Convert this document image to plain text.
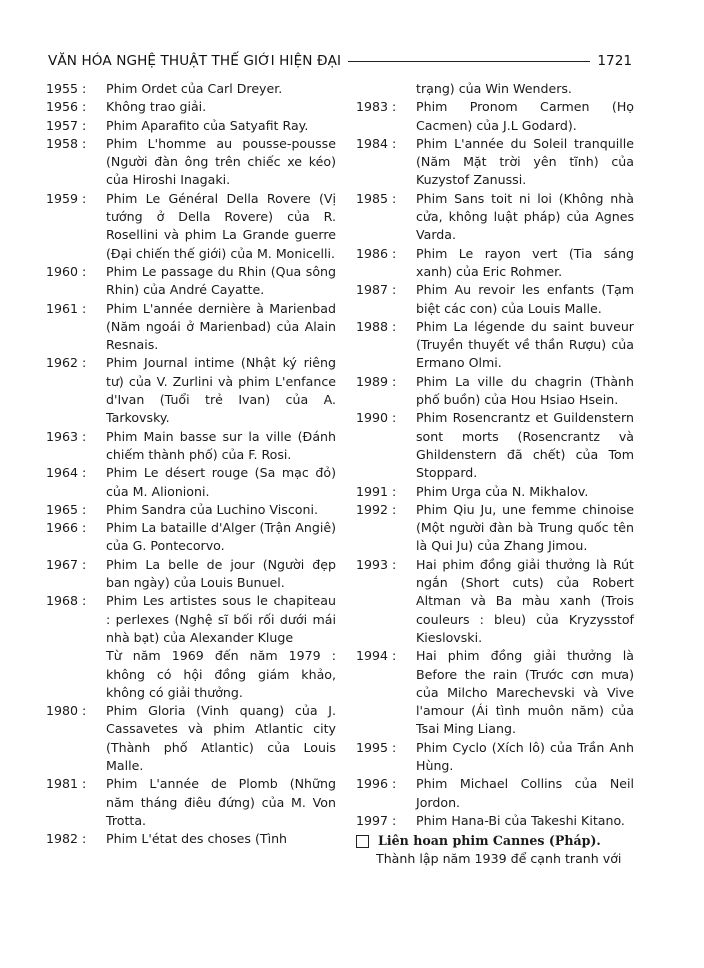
VĂN HÓA NGHỆ THUẬT THẾ GIỚI HIỆN ĐẠI	1721
1955 :	Phim Ordet của Carl Dreyer.
1956 :	Không trao giải.
1957 :	Phim Aparafito của Satyafit Ray.
1958 :	Phim L'homme au pousse-pousse (Người đàn ông trên chiếc xe kéo) của Hiroshi Inagaki.
1959 :	Phim Le Général Della Rovere (Vị tướng ở Della Rovere) của R. Rosellini và phim La Grande guerre (Đại chiến thế giới) của M. Monicelli.
1960 :	Phim Le passage du Rhin (Qua sông Rhin) của André Cayatte.
1961 :	Phim L'année dernière à Marienbad (Năm ngoái ở Marienbad) của Alain Resnais.
1962 :	Phim Journal intime (Nhật ký riêng tư) của V. Zurlini và phim L'enfance d'Ivan (Tuổi trẻ Ivan) của A. Tarkovsky.
1963 :	Phim Main basse sur la ville (Đánh chiếm thành phố) của F. Rosi.
1964 :	Phim Le désert rouge (Sa mạc đỏ) của M. Alionioni.
1965 :	Phim Sandra của Luchino Visconi.
1966 :	Phim La bataille d'Alger (Trận Angiê) của G. Pontecorvo.
1967 :	Phim La belle de jour (Người đẹp ban ngày) của Louis Bunuel.
1968 :	Phim Les artistes sous le chapiteau : perlexes (Nghệ sĩ bối rối dưới mái nhà bạt) của Alexander Kluge
Từ năm 1969 đến năm 1979 : không có hội đồng giám khảo, không có giải thưởng.
1980 :	Phim Gloria (Vinh quang) của J. Cassavetes và phim Atlantic city (Thành phố Atlantic) của Louis Malle.
1981 :	Phim L'année de Plomb (Những năm tháng điêu đứng) của M. Von Trotta.
1982 :	Phim L'état des choses (Tình
trạng) của Win Wenders.
1983 :	Phim Pronom Carmen (Họ Cacmen) của J.L Godard).
1984 :	Phim L'année du Soleil tranquille (Năm Mặt trời yên tĩnh) của Kuzystof Zanussi.
1985 :	Phim Sans toit ni loi (Không nhà cửa, không luật pháp) của Agnes Varda.
1986 :	Phim Le rayon vert (Tia sáng xanh) của Eric Rohmer.
1987 :	Phim Au revoir les enfants (Tạm biệt các con) của Louis Malle.
1988 :	Phim La légende du saint buveur (Truyền thuyết về thần Rượu) của Ermano Olmi.
1989 :	Phim La ville du chagrin (Thành phố buồn) của Hou Hsiao Hsein.
1990 :	Phim Rosencrantz et Guildenstern sont morts (Rosencrantz và Ghildenstern đã chết) của Tom Stoppard.
1991 :	Phim Urga của N. Mikhalov.
1992 :	Phim Qiu Ju, une femme chinoise (Một người đàn bà Trung quốc tên là Qui Ju) của Zhang Jimou.
1993 :	Hai phim đồng giải thưởng là Rút ngắn (Short cuts) của Robert Altman và Ba màu xanh (Trois couleurs : bleu) của Kryzysstof Kieslovski.
1994 :	Hai phim đồng giải thưởng là Before the rain (Trước cơn mưa) của Milcho Marechevski và Vive l'amour (Ái tình muôn năm) của Tsai Ming Liang.
1995 :	Phim Cyclo (Xích lô) của Trần Anh Hùng.
1996 :	Phim Michael Collins của Neil Jordon.
1997 :	Phim Hana-Bi của Takeshi Kitano.
Liên hoan phim Cannes (Pháp).
Thành lập năm 1939 để cạnh tranh với
